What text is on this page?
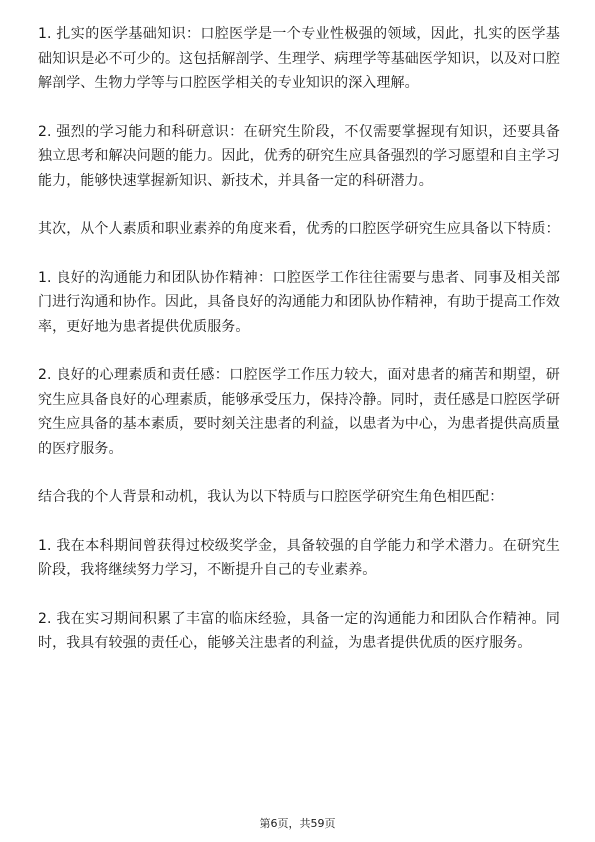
1. 扎实的医学基础知识：口腔医学是一个专业性极强的领域，因此，扎实的医学基础知识是必不可少的。这包括解剖学、生理学、病理学等基础医学知识，以及对口腔解剖学、生物力学等与口腔医学相关的专业知识的深入理解。

2. 强烈的学习能力和科研意识：在研究生阶段，不仅需要掌握现有知识，还要具备独立思考和解决问题的能力。因此，优秀的研究生应具备强烈的学习愿望和自主学习能力，能够快速掌握新知识、新技术，并具备一定的科研潜力。

其次，从个人素质和职业素养的角度来看，优秀的口腔医学研究生应具备以下特质：

1. 良好的沟通能力和团队协作精神：口腔医学工作往往需要与患者、同事及相关部门进行沟通和协作。因此，具备良好的沟通能力和团队协作精神，有助于提高工作效率，更好地为患者提供优质服务。

2. 良好的心理素质和责任感：口腔医学工作压力较大，面对患者的痛苦和期望，研究生应具备良好的心理素质，能够承受压力，保持冷静。同时，责任感是口腔医学研究生应具备的基本素质，要时刻关注患者的利益，以患者为中心，为患者提供高质量的医疗服务。

结合我的个人背景和动机，我认为以下特质与口腔医学研究生角色相匹配：

1. 我在本科期间曾获得过校级奖学金，具备较强的自学能力和学术潜力。在研究生阶段，我将继续努力学习，不断提升自己的专业素养。

2. 我在实习期间积累了丰富的临床经验，具备一定的沟通能力和团队合作精神。同时，我具有较强的责任心，能够关注患者的利益，为患者提供优质的医疗服务。

第6页，共59页
